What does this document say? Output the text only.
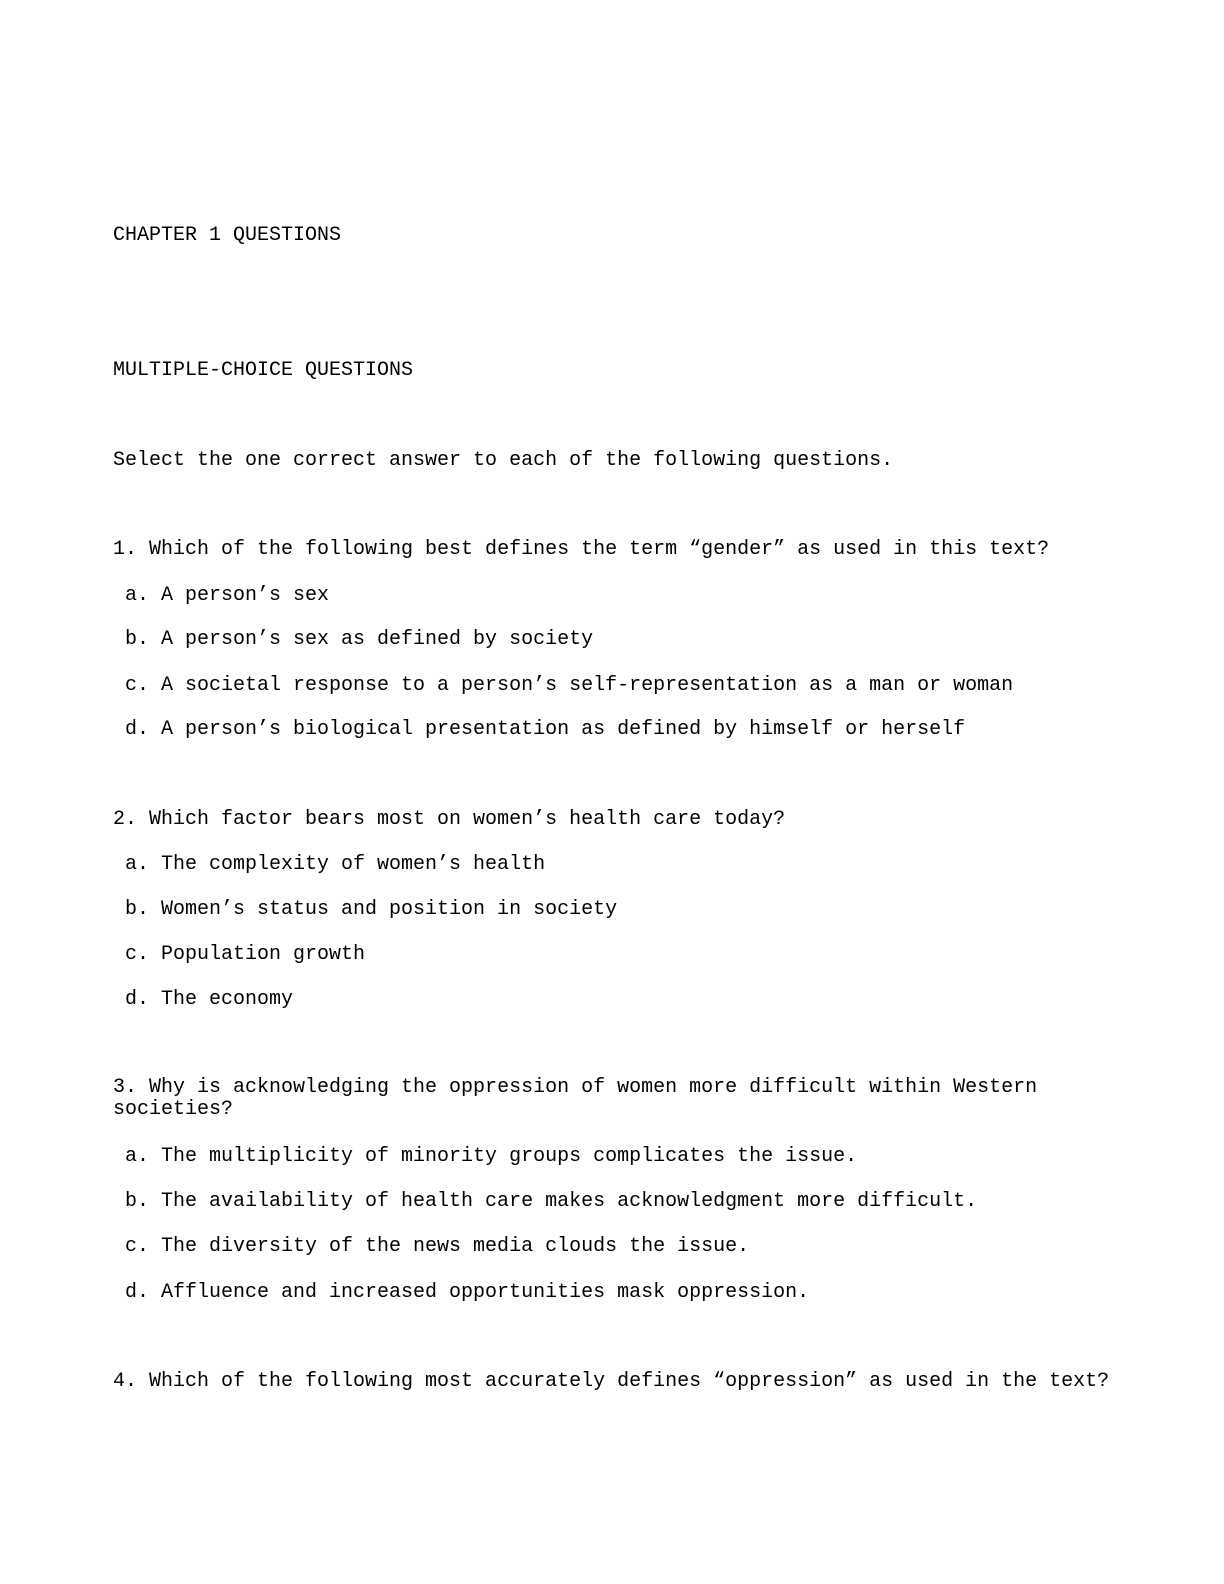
CHAPTER 1 QUESTIONS
MULTIPLE-CHOICE QUESTIONS
Select the one correct answer to each of the following questions.
1. Which of the following best defines the term “gender” as used in this text?
a. A person’s sex
b. A person’s sex as defined by society
c. A societal response to a person’s self-representation as a man or woman
d. A person’s biological presentation as defined by himself or herself
2. Which factor bears most on women’s health care today?
a. The complexity of women’s health
b. Women’s status and position in society
c. Population growth
d. The economy
3. Why is acknowledging the oppression of women more difficult within Western societies?
a. The multiplicity of minority groups complicates the issue.
b. The availability of health care makes acknowledgment more difficult.
c. The diversity of the news media clouds the issue.
d. Affluence and increased opportunities mask oppression.
4. Which of the following most accurately defines “oppression” as used in the text?
